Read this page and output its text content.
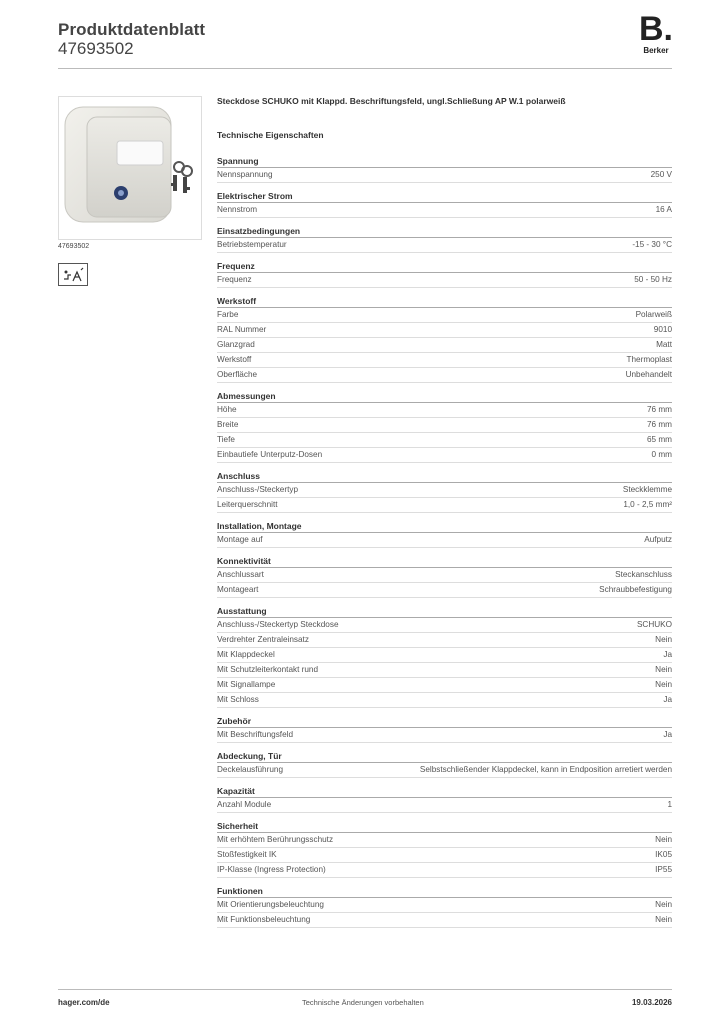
Produktdatenblatt
47693502
B.
Berker
47693502
Steckdose SCHUKO mit Klappd. Beschriftungsfeld, ungl.Schließung AP W.1 polarweiß
Technische Eigenschaften
Spannung
Nennspannung	250 V
Elektrischer Strom
Nennstrom	16 A
Einsatzbedingungen
Betriebstemperatur	-15 - 30 °C
Frequenz
Frequenz	50 - 50 Hz
Werkstoff
Farbe	Polarweiß
RAL Nummer	9010
Glanzgrad	Matt
Werkstoff	Thermoplast
Oberfläche	Unbehandelt
Abmessungen
Höhe	76 mm
Breite	76 mm
Tiefe	65 mm
Einbautiefe Unterputz-Dosen	0 mm
Anschluss
Anschluss-/Steckertyp	Steckklemme
Leiterquerschnitt	1,0 - 2,5 mm²
Installation, Montage
Montage auf	Aufputz
Konnektivität
Anschlussart	Steckanschluss
Montageart	Schraubbefestigung
Ausstattung
Anschluss-/Steckertyp Steckdose	SCHUKO
Verdrehter Zentraleinsatz	Nein
Mit Klappdeckel	Ja
Mit Schutzleiterkontakt rund	Nein
Mit Signallampe	Nein
Mit Schloss	Ja
Zubehör
Mit Beschriftungsfeld	Ja
Abdeckung, Tür
Deckelausführung	Selbstschließender Klappdeckel, kann in Endposition arretiert werden
Kapazität
Anzahl Module	1
Sicherheit
Mit erhöhtem Berührungsschutz	Nein
Stoßfestigkeit IK	IK05
IP-Klasse (Ingress Protection)	IP55
Funktionen
Mit Orientierungsbeleuchtung	Nein
Mit Funktionsbeleuchtung	Nein
hager.com/de	Technische Änderungen vorbehalten	19.03.2026
